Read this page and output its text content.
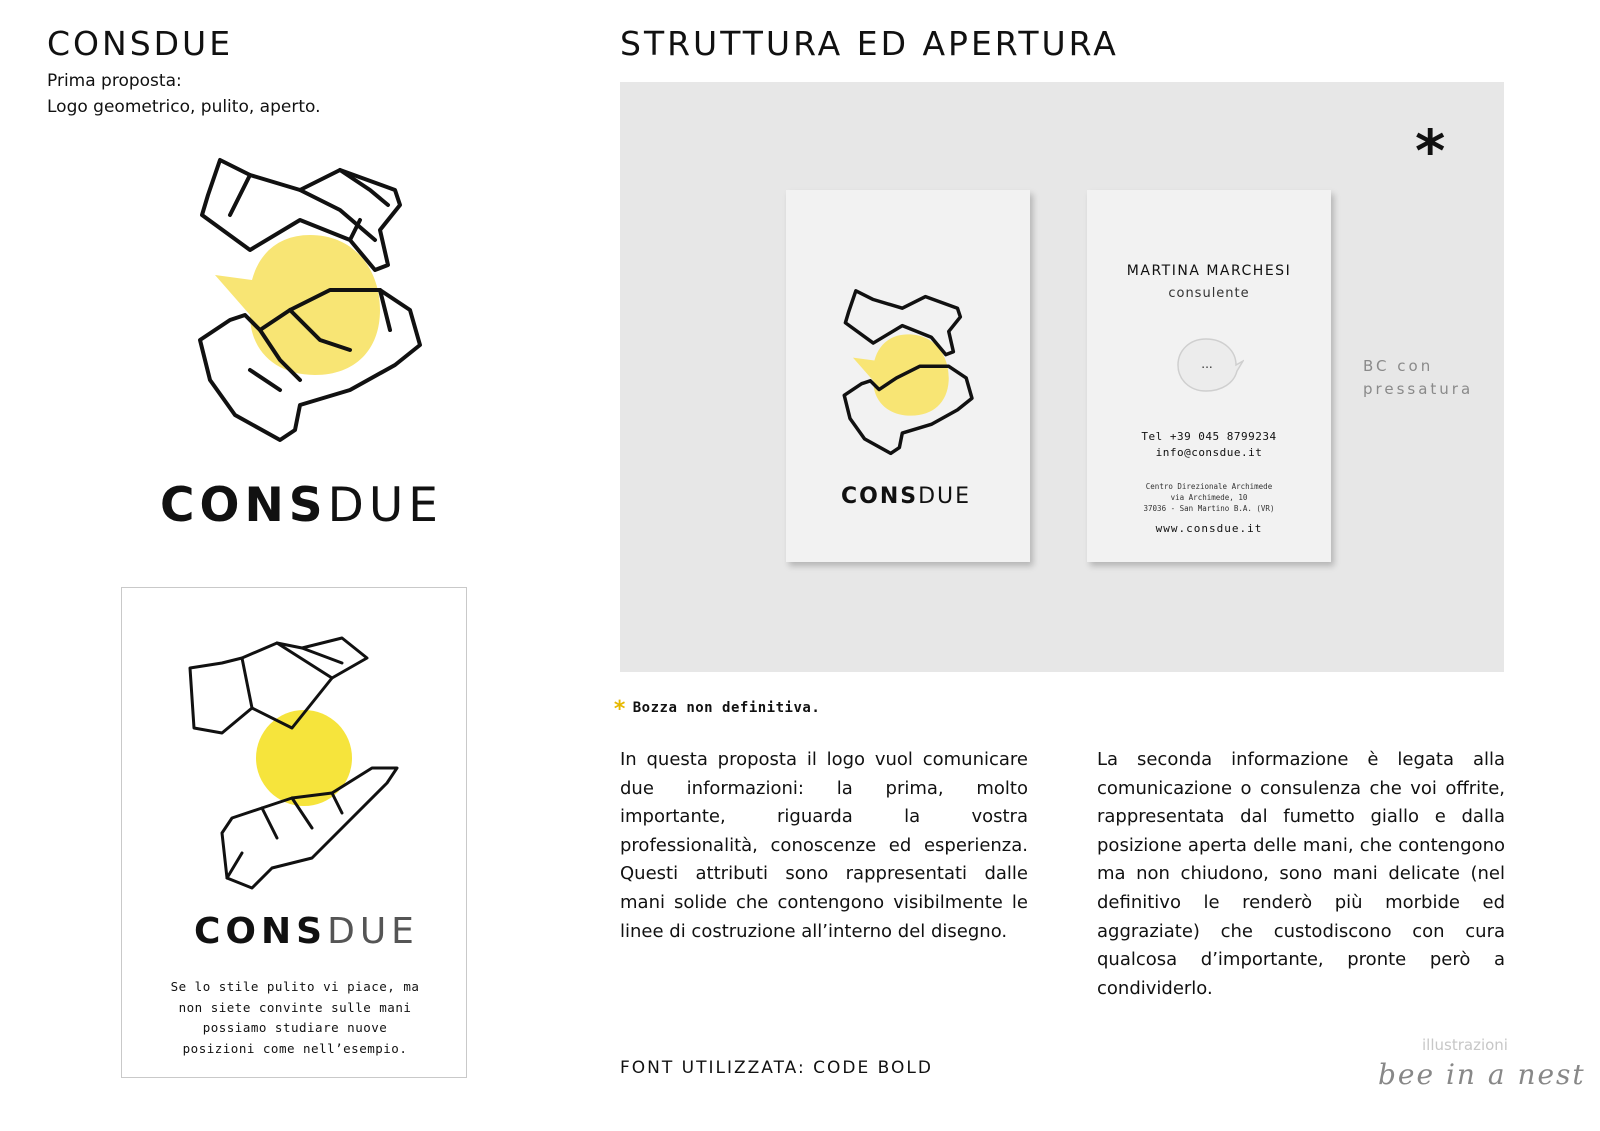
CONSDUE
Prima proposta:
Logo geometrico, pulito, aperto.
CONSDUE
CONSDUE
Se lo stile pulito vi piace, ma
non siete convinte sulle mani
possiamo studiare nuove
posizioni come nell’esempio.
STRUTTURA ED APERTURA
*
CONSDUE
MARTINA MARCHESI
consulente
...
Tel +39 045 8799234
info@consdue.it
Centro Direzionale Archimede
via Archimede, 10
37036 - San Martino B.A. (VR)
www.consdue.it
BC con
pressatura
* Bozza non definitiva.

In questa proposta il logo vuol comunicare due informazioni: la prima, molto importante, riguarda la vostra professionalità, conoscenze ed esperienza. Questi attributi sono rappresentati dalle mani solide che contengono visibilmente le linee di costruzione all’interno del disegno.

La seconda informazione è legata alla comunicazione o consulenza che voi offrite, rappresentata dal fumetto giallo e dalla posizione aperta delle mani, che contengono ma non chiudono, sono mani delicate (nel definitivo le renderò più morbide ed aggraziate) che custodiscono con cura qualcosa d’importante, pronte però a condividerlo.

FONT UTILIZZATA: CODE BOLD
illustrazioni
bee in a nest
